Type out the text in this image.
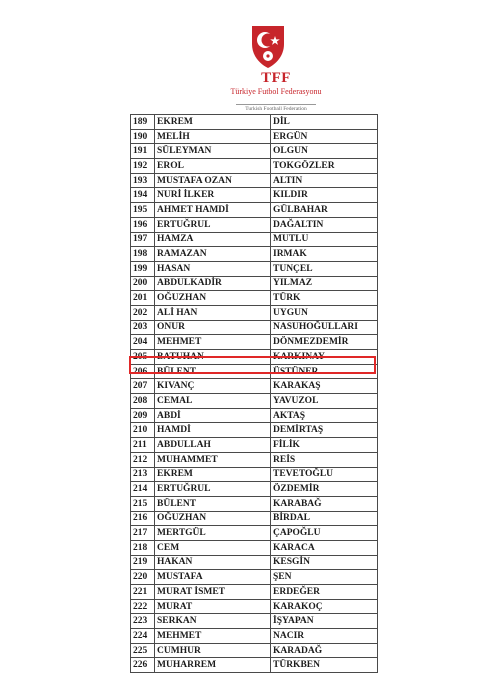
TFF
Türkiye Futbol Federasyonu
Turkish Football Federation
189	EKREM	DİL
190	MELİH	ERGÜN
191	SÜLEYMAN	OLGUN
192	EROL	TOKGÖZLER
193	MUSTAFA OZAN	ALTIN
194	NURİ İLKER	KILDIR
195	AHMET HAMDİ	GÜLBAHAR
196	ERTUĞRUL	DAĞALTIN
197	HAMZA	MUTLU
198	RAMAZAN	IRMAK
199	HASAN	TUNÇEL
200	ABDULKADİR	YILMAZ
201	OĞUZHAN	TÜRK
202	ALİ HAN	UYGUN
203	ONUR	NASUHOĞULLARI
204	MEHMET	DÖNMEZDEMİR
205	BATUHAN	KARKINAY
206	BÜLENT	ÜSTÜNER
207	KIVANÇ	KARAKAŞ
208	CEMAL	YAVUZOL
209	ABDİ	AKTAŞ
210	HAMDİ	DEMİRTAŞ
211	ABDULLAH	FİLİK
212	MUHAMMET	REİS
213	EKREM	TEVETOĞLU
214	ERTUĞRUL	ÖZDEMİR
215	BÜLENT	KARABAĞ
216	OĞUZHAN	BİRDAL
217	MERTGÜL	ÇAPOĞLU
218	CEM	KARACA
219	HAKAN	KESGİN
220	MUSTAFA	ŞEN
221	MURAT İSMET	ERDEĞER
222	MURAT	KARAKOÇ
223	SERKAN	İŞYAPAN
224	MEHMET	NACIR
225	CUMHUR	KARADAĞ
226	MUHARREM	TÜRKBEN
